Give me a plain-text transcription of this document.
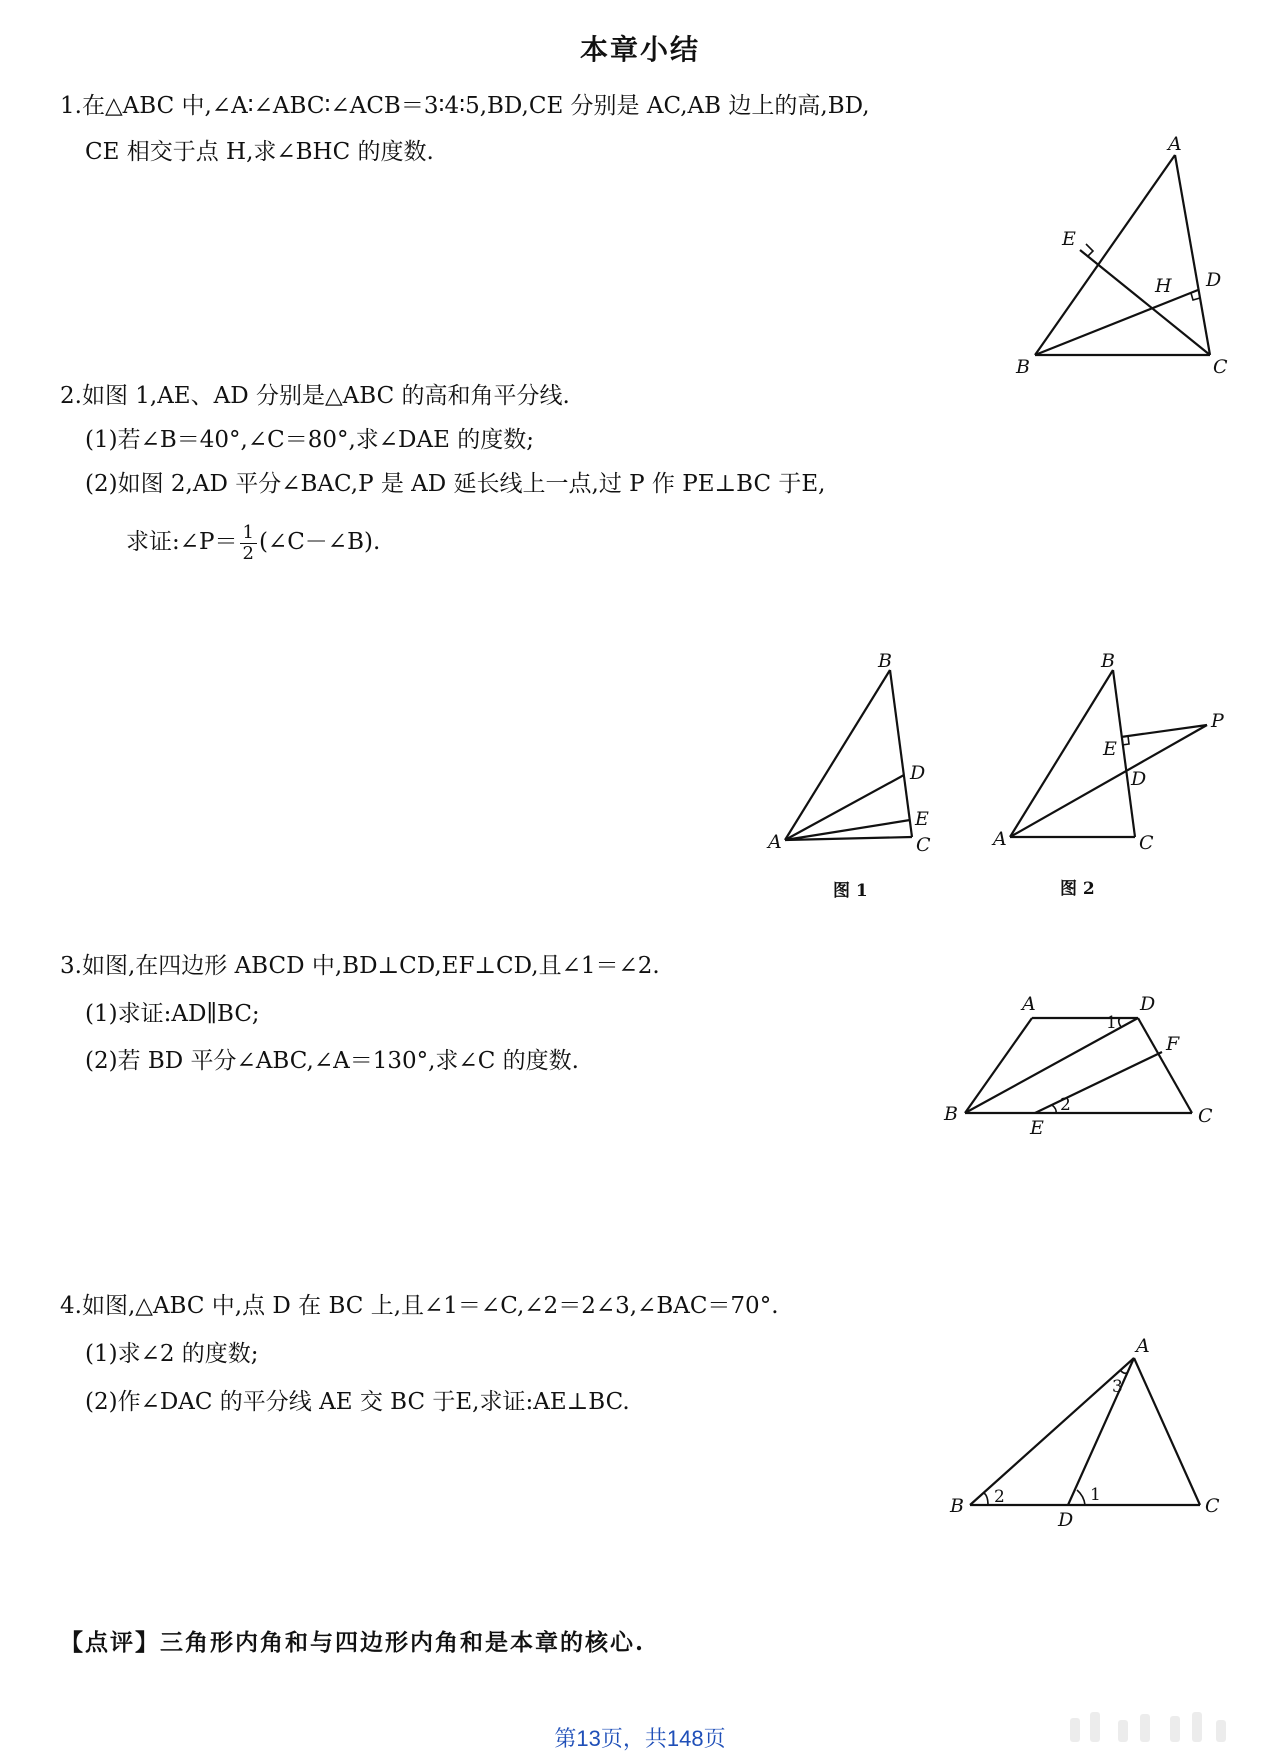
本章小结
1.在△ABC 中,∠A∶∠ABC∶∠ACB＝3∶4∶5,BD,CE 分别是 AC,AB 边上的高,BD,
CE 相交于点 H,求∠BHC 的度数.	A
B	C
D
E
H
2.如图 1,AE、AD 分别是△ABC 的高和角平分线.
(1)若∠B＝40°,∠C＝80°,求∠DAE 的度数;
(2)如图 2,AD 平分∠BAC,P 是 AD 延长线上一点,过 P 作 PE⊥BC 于E,
求证:∠P＝ $\frac{1}{2}$ (∠C－∠B).
B
A	C
D
E
图 1
B
A	C
D
E
P
图 2
3.如图,在四边形 ABCD 中,BD⊥CD,EF⊥CD,且∠1＝∠2.
(1)求证:AD∥BC;
(2)若 BD 平分∠ABC,∠A＝130°,求∠C 的度数.
A	D
F
B
E
C
1
2
4.如图,△ABC 中,点 D 在 BC 上,且∠1＝∠C,∠2＝2∠3,∠BAC＝70°.
(1)求∠2 的度数;
(2)作∠DAC 的平分线 AE 交 BC 于E,求证:AE⊥BC.
A
B	C
D
1
2
3
【点评】三角形内角和与四边形内角和是本章的核心.
第13页，共148页
